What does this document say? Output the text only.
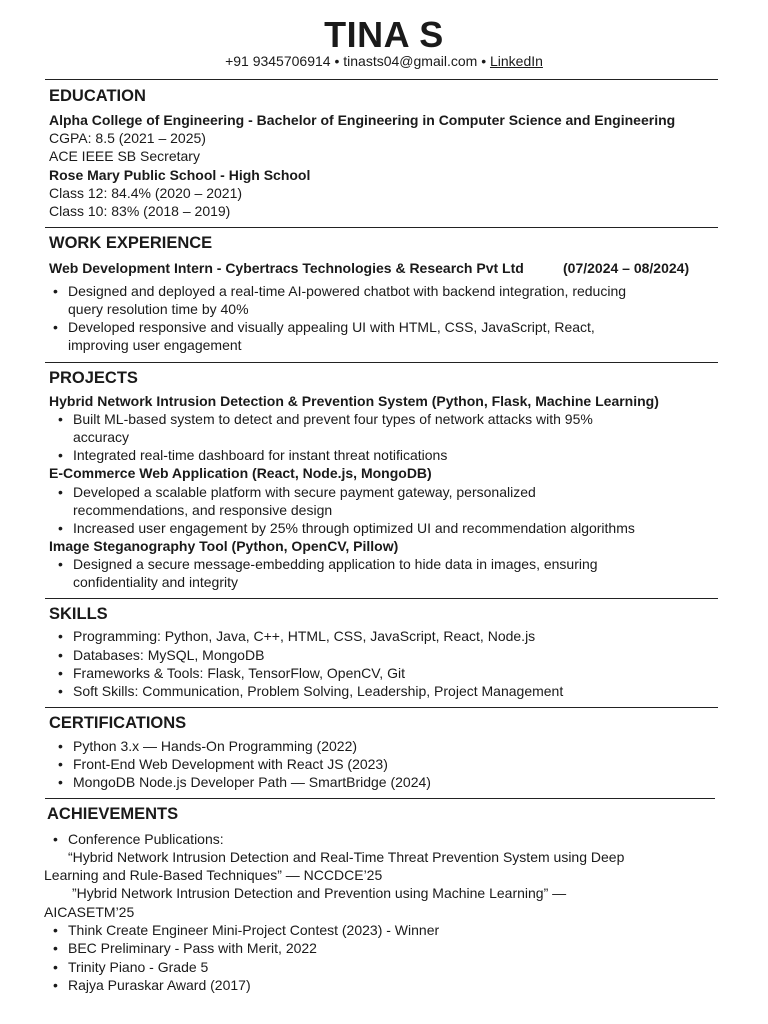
TINA S
+91 9345706914 • tinasts04@gmail.com • LinkedIn
EDUCATION
Alpha College of Engineering - Bachelor of Engineering in Computer Science and Engineering
CGPA: 8.5 (2021 – 2025)
ACE IEEE SB Secretary
Rose Mary Public School - High School
Class 12: 84.4% (2020 – 2021)
Class 10: 83% (2018 – 2019)
WORK EXPERIENCE
Web Development Intern - Cybertracs Technologies & Research Pvt Ltd	(07/2024 – 08/2024)
• Designed and deployed a real-time AI-powered chatbot with backend integration, reducing
query resolution time by 40%
• Developed responsive and visually appealing UI with HTML, CSS, JavaScript, React,
improving user engagement
PROJECTS
Hybrid Network Intrusion Detection & Prevention System (Python, Flask, Machine Learning)
• Built ML-based system to detect and prevent four types of network attacks with 95%
accuracy
• Integrated real-time dashboard for instant threat notifications
E-Commerce Web Application (React, Node.js, MongoDB)
• Developed a scalable platform with secure payment gateway, personalized
recommendations, and responsive design
• Increased user engagement by 25% through optimized UI and recommendation algorithms
Image Steganography Tool (Python, OpenCV, Pillow)
• Designed a secure message-embedding application to hide data in images, ensuring
confidentiality and integrity
SKILLS
• Programming: Python, Java, C++, HTML, CSS, JavaScript, React, Node.js
• Databases: MySQL, MongoDB
• Frameworks & Tools: Flask, TensorFlow, OpenCV, Git
• Soft Skills: Communication, Problem Solving, Leadership, Project Management
CERTIFICATIONS
• Python 3.x — Hands-On Programming (2022)
• Front-End Web Development with React JS (2023)
• MongoDB Node.js Developer Path — SmartBridge (2024)
ACHIEVEMENTS
• Conference Publications:
“Hybrid Network Intrusion Detection and Real-Time Threat Prevention System using Deep
Learning and Rule-Based Techniques” — NCCDCE’25
”Hybrid Network Intrusion Detection and Prevention using Machine Learning” —
AICASETM’25
• Think Create Engineer Mini-Project Contest (2023) - Winner
• BEC Preliminary - Pass with Merit, 2022
• Trinity Piano - Grade 5
• Rajya Puraskar Award (2017)
